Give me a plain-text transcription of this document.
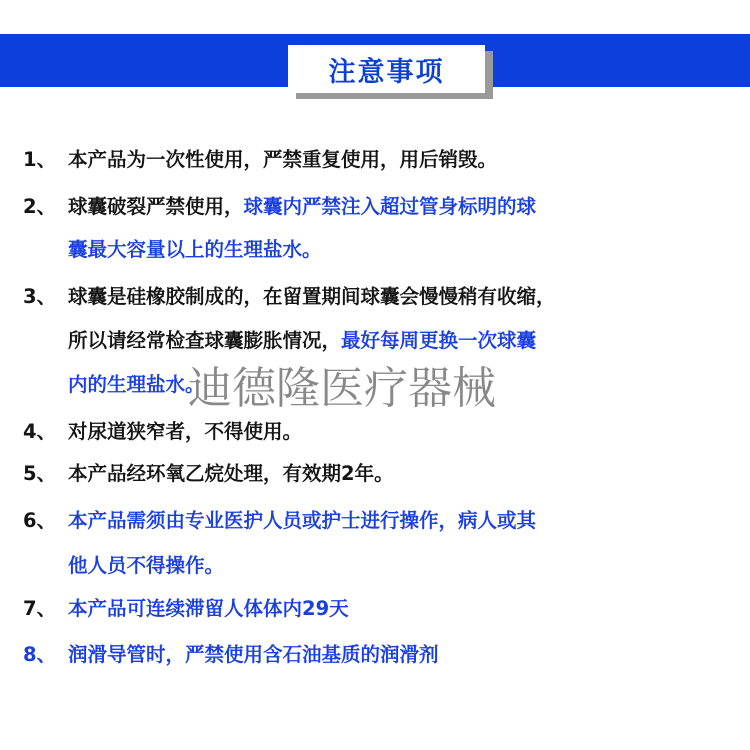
注意事项
1、 本产品为一次性使用，严禁重复使用，用后销毁。
2、 球囊破裂严禁使用，球囊内严禁注入超过管身标明的球
囊最大容量以上的生理盐水。
3、 球囊是硅橡胶制成的，在留置期间球囊会慢慢稍有收缩，
所以请经常检查球囊膨胀情况，最好每周更换一次球囊
内的生理盐水。
4、 对尿道狭窄者，不得使用。
5、 本产品经环氧乙烷处理，有效期2年。
6、 本产品需须由专业医护人员或护士进行操作，病人或其
他人员不得操作。
7、 本产品可连续滞留人体体内29天
8、 润滑导管时，严禁使用含石油基质的润滑剂
迪德隆医疗器械
